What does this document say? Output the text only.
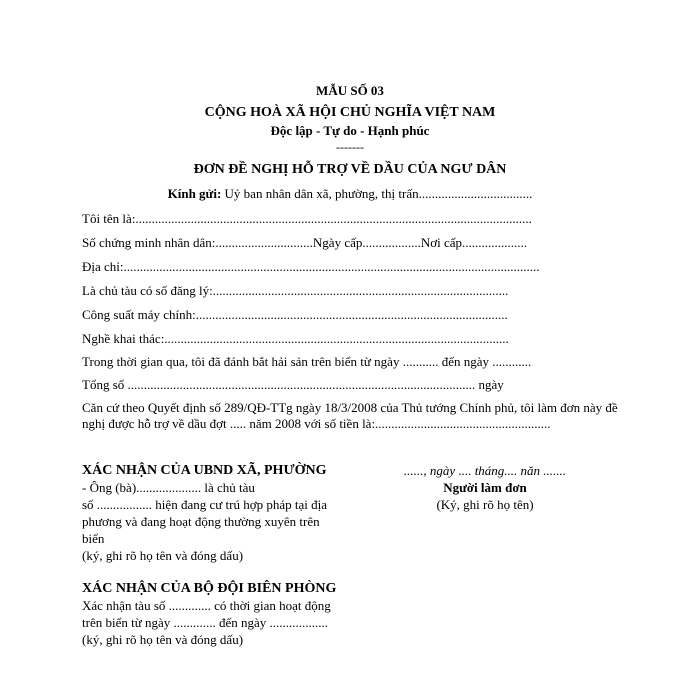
MẪU SỐ 03
CỘNG HOÀ XÃ HỘI CHỦ NGHĨA VIỆT NAM
Độc lập - Tự do - Hạnh phúc
-------
ĐƠN ĐỀ NGHỊ HỖ TRỢ VỀ DẦU CỦA NGƯ DÂN
Kính gửi: Uỷ ban nhân dân xã, phường, thị trấn...................................
Tôi tên là:..........................................................................................................................
Số chứng minh nhân dân:..............................Ngày cấp..................Nơi cấp....................
Địa chỉ:................................................................................................................................
Là chủ tàu có số đăng lý:...........................................................................................
Công suất máy chính:................................................................................................
Nghề khai thác:..........................................................................................................
Trong thời gian qua, tôi đã đánh bắt hải sản trên biển từ ngày ........... đến ngày ............
Tổng số ........................................................................................................... ngày
Căn cứ theo Quyết định số 289/QĐ-TTg ngày 18/3/2008 của Thủ tướng Chính phủ, tôi làm đơn này đề nghị được hỗ trợ về dầu đợt ..... năm 2008 với số tiền là:......................................................
XÁC NHẬN CỦA UBND XÃ, PHƯỜNG
- Ông (bà).................... là chủ tàu
số ................. hiện đang cư trú hợp pháp tại địa phương và đang hoạt động thường xuyên trên biển
(ký, ghi rõ họ tên và đóng dấu)
......, ngày .... tháng.... năn .......
Người làm đơn
(Ký, ghi rõ họ tên)
XÁC NHẬN CỦA BỘ ĐỘI BIÊN PHÒNG
Xác nhận tàu số ............. có thời gian hoạt động trên biển từ ngày ............. đến ngày ..................
(ký, ghi rõ họ tên và đóng dấu)
